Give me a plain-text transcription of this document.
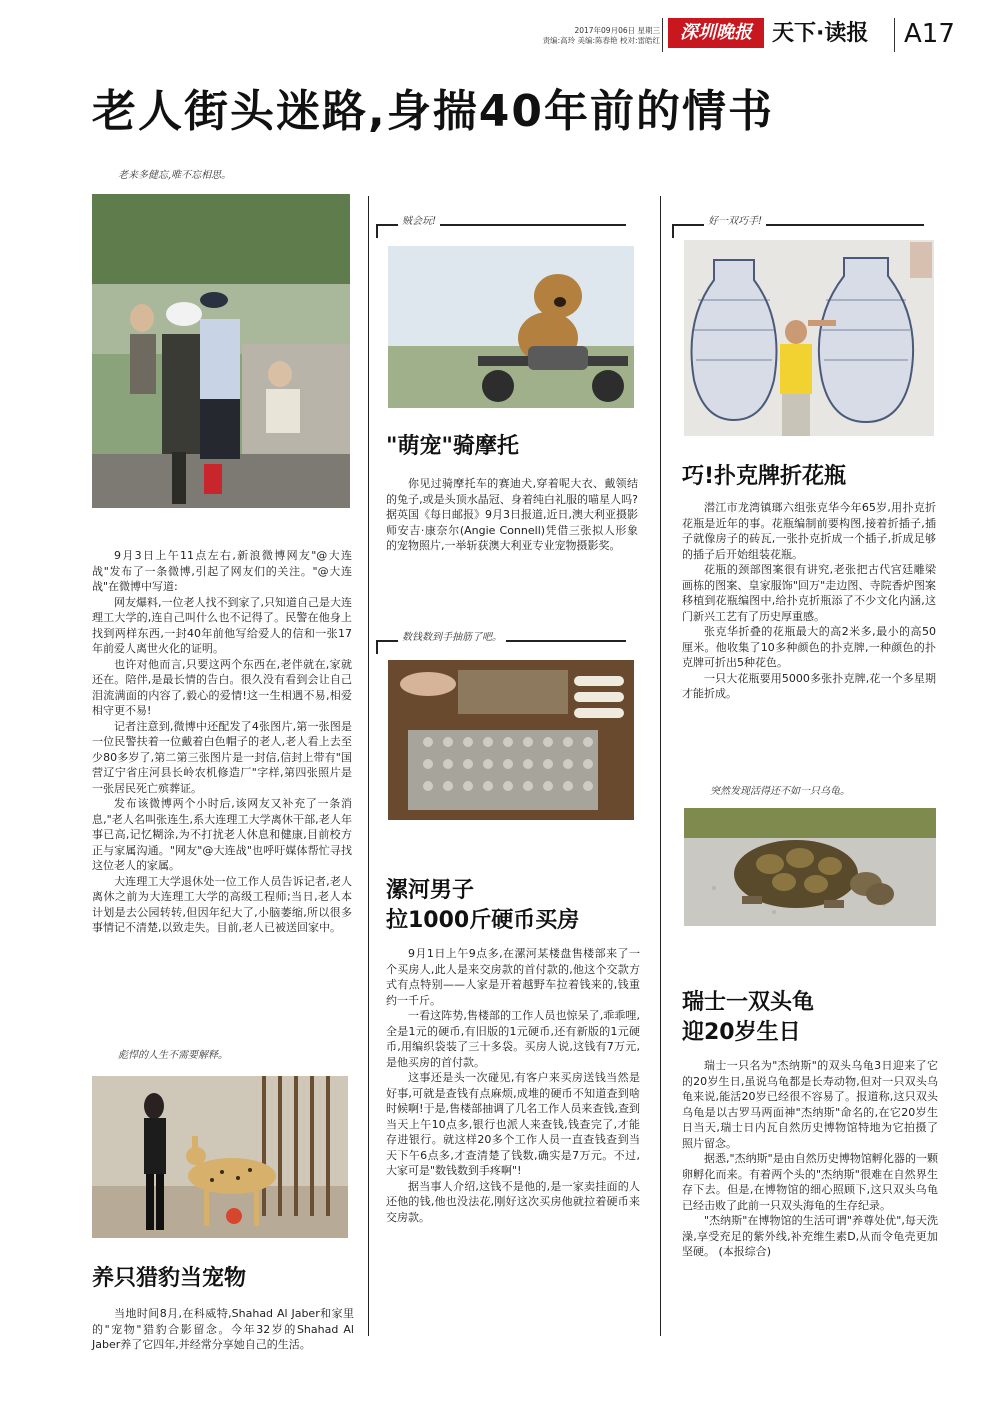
2017年09月06日 星期三
责编:高玲 美编:陈春艳 校对:雷皓红	深圳晚报 天下·读报 A17
老人街头迷路,身揣40年前的情书
老来多健忘,唯不忘相思。

9月3日上午11点左右,新浪微博网友"@大连战"发布了一条微博,引起了网友们的关注。"@大连战"在微博中写道:

网友爆料,一位老人找不到家了,只知道自己是大连理工大学的,连自己叫什么也不记得了。民警在他身上找到两样东西,一封40年前他写给爱人的信和一张17年前爱人离世火化的证明。

也许对他而言,只要这两个东西在,老伴就在,家就还在。陪伴,是最长情的告白。很久没有看到会让自己泪流满面的内容了,毅心的爱情!这一生相遇不易,相爱相守更不易!

记者注意到,微博中还配发了4张图片,第一张图是一位民警扶着一位戴着白色帽子的老人,老人看上去至少80多岁了,第二第三张图片是一封信,信封上带有"国营辽宁省庄河县长岭农机修造厂"字样,第四张照片是一张居民死亡殡葬证。

发布该微博两个小时后,该网友又补充了一条消息,"老人名叫张连生,系大连理工大学离休干部,老人年事已高,记忆糊涂,为不打扰老人休息和健康,目前校方正与家属沟通。"网友"@大连战"也呼吁媒体帮忙寻找这位老人的家属。

大连理工大学退休处一位工作人员告诉记者,老人离休之前为大连理工大学的高级工程师;当日,老人本计划是去公园转转,但因年纪大了,小脑萎缩,所以很多事情记不清楚,以致走失。目前,老人已被送回家中。

彪悍的人生不需要解释。
养只猎豹当宠物

当地时间8月,在科威特,Shahad Al Jaber和家里的"宠物"猎豹合影留念。今年32岁的Shahad Al Jaber养了它四年,并经常分享她自己的生活。

贼会玩!
"萌宠"骑摩托

你见过骑摩托车的赛迪犬,穿着呢大衣、戴领结的兔子,或是头顶水晶冠、身着纯白礼服的喵星人吗?据英国《每日邮报》9月3日报道,近日,澳大利亚摄影师安吉·康奈尔(Angie Connell)凭借三张拟人形象的宠物照片,一举斩获澳大利亚专业宠物摄影奖。

数钱数到手抽筋了吧。
漯河男子
拉1000斤硬币买房

9月1日上午9点多,在漯河某楼盘售楼部来了一个买房人,此人是来交房款的首付款的,他这个交款方式有点特别——人家是开着越野车拉着钱来的,钱重约一千斤。

一看这阵势,售楼部的工作人员也惊呆了,乖乖哩,全是1元的硬币,有旧版的1元硬币,还有新版的1元硬币,用编织袋装了三十多袋。买房人说,这钱有7万元,是他买房的首付款。

这事还是头一次碰见,有客户来买房送钱当然是好事,可就是查钱有点麻烦,成堆的硬币不知道查到啥时候啊!于是,售楼部抽调了几名工作人员来查钱,查到当天上午10点多,银行也派人来查钱,钱查完了,才能存进银行。就这样20多个工作人员一直查钱查到当天下午6点多,才查清楚了钱数,确实是7万元。不过,大家可是"数钱数到手疼啊"!

据当事人介绍,这钱不是他的,是一家卖挂面的人还他的钱,他也没法花,刚好这次买房他就拉着硬币来交房款。

好一双巧手!
巧!扑克牌折花瓶

潜江市龙湾镇瑯六组张克华今年65岁,用扑克折花瓶是近年的事。花瓶编制前要构图,接着折插子,插子就像房子的砖瓦,一张扑克折成一个插子,折成足够的插子后开始组装花瓶。

花瓶的颈部图案很有讲究,老张把古代宫廷雕梁画栋的图案、皇家服饰"回万"走边图、寺院香炉图案移植到花瓶编图中,给扑克折瓶添了不少文化内涵,这门新兴工艺有了历史厚重感。

张克华折叠的花瓶最大的高2米多,最小的高50厘米。他收集了10多种颜色的扑克牌,一种颜色的扑克牌可折出5种花色。

一只大花瓶要用5000多张扑克牌,花一个多星期才能折成。

突然发现活得还不如一只乌龟。
瑞士一双头龟
迎20岁生日

瑞士一只名为"杰纳斯"的双头乌龟3日迎来了它的20岁生日,虽说乌龟都是长寿动物,但对一只双头乌龟来说,能活20岁已经很不容易了。报道称,这只双头乌龟是以古罗马两面神"杰纳斯"命名的,在它20岁生日当天,瑞士日内瓦自然历史博物馆特地为它拍摄了照片留念。

据悉,"杰纳斯"是由自然历史博物馆孵化器的一颗卵孵化而来。有着两个头的"杰纳斯"很难在自然界生存下去。但是,在博物馆的细心照顾下,这只双头乌龟已经击败了此前一只双头海龟的生存纪录。

"杰纳斯"在博物馆的生活可谓"养尊处优",每天洗澡,享受充足的紫外线,补充维生素D,从而令龟壳更加坚硬。 (本报综合)
